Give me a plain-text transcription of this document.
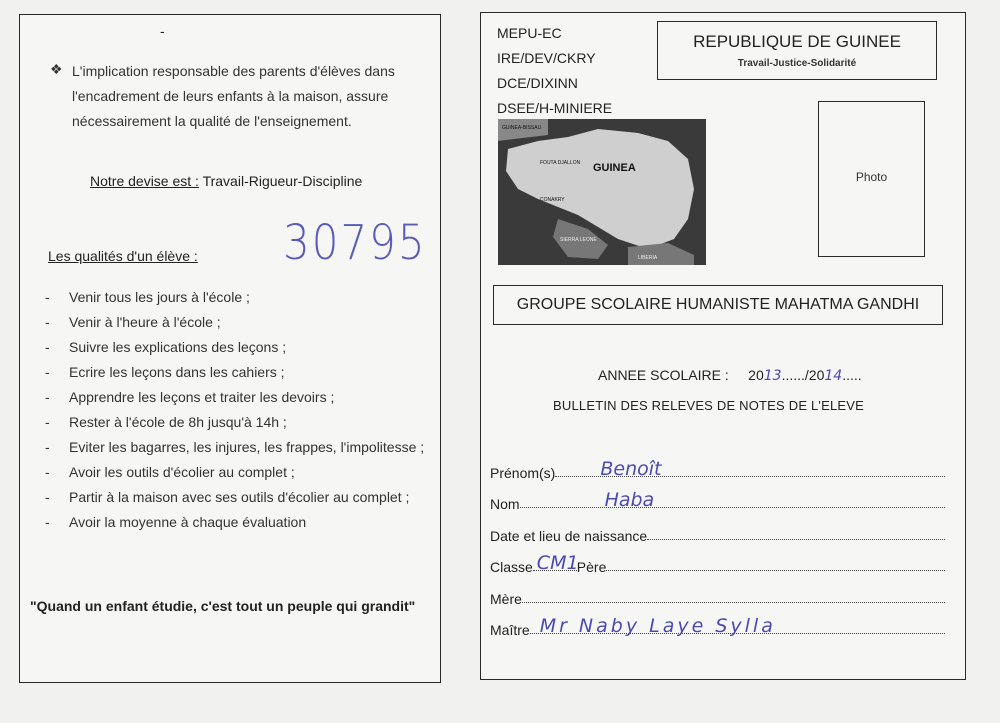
-
❖ L'implication responsable des parents d'élèves dans l'encadrement de leurs enfants à la maison, assure nécessairement la qualité de l'enseignement.
Notre devise est : Travail-Rigueur-Discipline
Les qualités d'un élève : 30795
- Venir tous les jours à l'école ;
- Venir à l'heure à l'école ;
- Suivre les explications des leçons ;
- Ecrire les leçons dans les cahiers ;
- Apprendre les leçons et traiter les devoirs ;
- Rester à l'école de 8h jusqu'à 14h ;
- Eviter les bagarres, les injures, les frappes, l'impolitesse ;
- Avoir les outils d'écolier au complet ;
- Partir à la maison avec ses outils d'écolier au complet ;
- Avoir la moyenne à chaque évaluation
"Quand un enfant étudie, c'est tout un peuple qui grandit"
MEPU-EC
IRE/DEV/CKRY
DCE/DIXINN
DSEE/H-MINIERE
REPUBLIQUE DE GUINEE
Travail-Justice-Solidarité
GUINEA
FOUTA DJALLON
CONAKRY
GUINEA-BISSAU
SIERRA LEONE
LIBERIA
Photo
GROUPE SCOLAIRE HUMANISTE MAHATMA GANDHI
ANNEE SCOLAIRE : 2013....../2014.....
BULLETIN DES RELEVES DE NOTES DE L'ELEVE
Prénom(s) Benoît
Nom	Haba
Date et lieu de naissance
Classe CM1
Père
Mère
Maître Mr Naby Laye Sylla
